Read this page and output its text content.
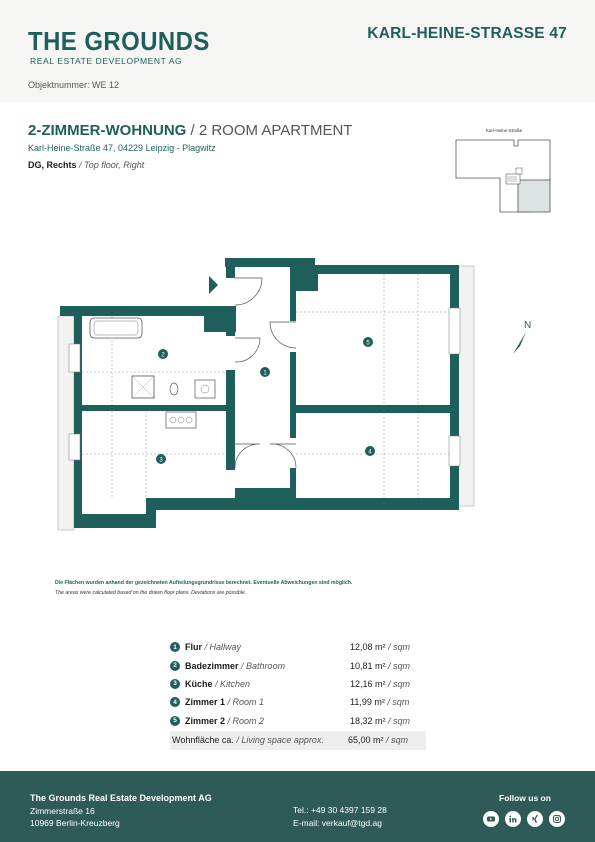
THE GROUNDS
REAL ESTATE DEVELOPMENT AG
KARL-HEINE-STRASSE 47
Objektnummer: WE 12
2-ZIMMER-WOHNUNG / 2 ROOM APARTMENT
Karl-Heine-Straße 47, 04229 Leipzig - Plagwitz
DG, Rechts / Top floor, Right
Karl-Heine-Straße
1
2
3
4
5
N
Die Flächen wurden anhand der gezeichneten Aufteilungsgrundrisse berechnet. Eventuelle Abweichungen sind möglich.
The areas were calculated based on the drawn floor plans. Deviations are possible.
1 Flur / Hallway	12,08 m² / sqm
2 Badezimmer / Bathroom	10,81 m² / sqm
3 Küche / Kitchen	12,16 m² / sqm
4 Zimmer 1 / Room 1	11,99 m² / sqm
5 Zimmer 2 / Room 2	18,32 m² / sqm
Wohnfläche ca. / Living space approx.	65,00 m² / sqm
The Grounds Real Estate Development AG
Zimmerstraße 16
10969 Berlin-Kreuzberg
Tel.: +49 30 4397 159 28
E-mail: verkauf@tgd.ag
Follow us on
